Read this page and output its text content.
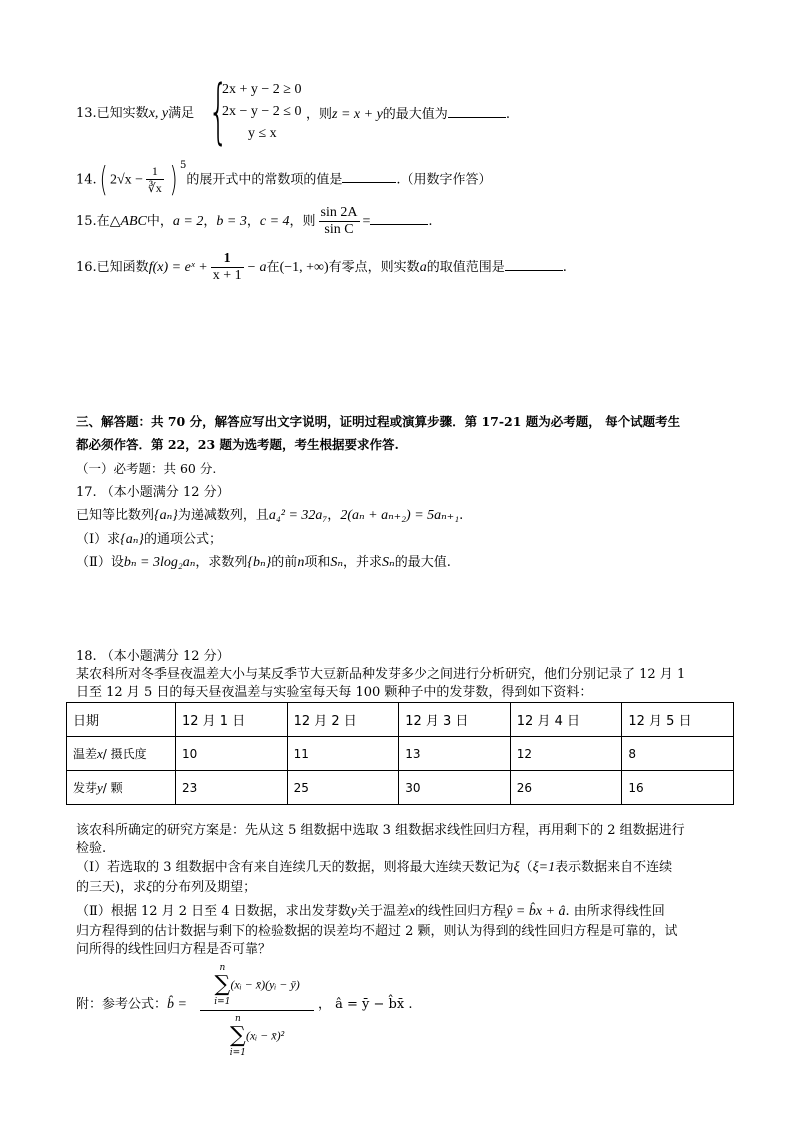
13.已知实数x, y满足 {
2x + y − 2 ≥ 0
2x − y − 2 ≤ 0
y ≤ x
，则z = x + y的最大值为	.
14.( $2√x - \frac{1}{∛x}$ ) $^5$的展开式中的常数项的值是	.（用数字作答）
15.在△ABC中，a = 2，b = 3，c = 4，则 $\frac{\sin 2A}{\text{sin C}}$ =	.
16.已知函数f(x) = eˣ + $\frac{1}{x + 1} - a$在(−1, +∞)有零点，则实数a的取值范围是	.
三、解答题：共 70 分，解答应写出文字说明，证明过程或演算步骤．第 17-21 题为必考题， 每个试题考生
都必须作答．第 22，23 题为选考题，考生根据要求作答.
（一）必考题：共 60 分.
17. （本小题满分 12 分）
已知等比数列{aₙ}为递减数列，且a₄² = 32a₇，2(aₙ + aₙ₊₂) = 5aₙ₊₁.
（Ⅰ）求{aₙ}的通项公式；
（Ⅱ）设bₙ = 3log₂aₙ，求数列{bₙ}的前n项和Sₙ，并求Sₙ的最大值.
18. （本小题满分 12 分）
某农科所对冬季昼夜温差大小与某反季节大豆新品种发芽多少之间进行分析研究，他们分别记录了 12 月 1
日至 12 月 5 日的每天昼夜温差与实验室每天每 100 颗种子中的发芽数，得到如下资料：
日期	12 月 1 日	12 月 2 日	12 月 3 日	12 月 4 日	12 月 5 日
温差x/ 摄氏度	10	11	13	12	8
发芽y/ 颗	23	25	30	26	16
该农科所确定的研究方案是：先从这 5 组数据中选取 3 组数据求线性回归方程，再用剩下的 2 组数据进行
检验.
（Ⅰ）若选取的 3 组数据中含有来自连续几天的数据，则将最大连续天数记为ξ（ξ=1表示数据来自不连续
的三天)，求ξ的分布列及期望；
（Ⅱ）根据 12 月 2 日至 4 日数据，求出发芽数y关于温差x的线性回归方程ŷ = b̂x + â. 由所求得线性回
归方程得到的估计数据与剩下的检验数据的误差均不超过 2 颗，则认为得到的线性回归方程是可靠的，试
问所得的线性回归方程是否可靠？
附：参考公式：b̂ = n
∑
i=1
(xᵢ − x̄)(yᵢ − ȳ)
n
∑
i=1
(xᵢ − x̄)² ， â = ȳ − b̂x̄ .
